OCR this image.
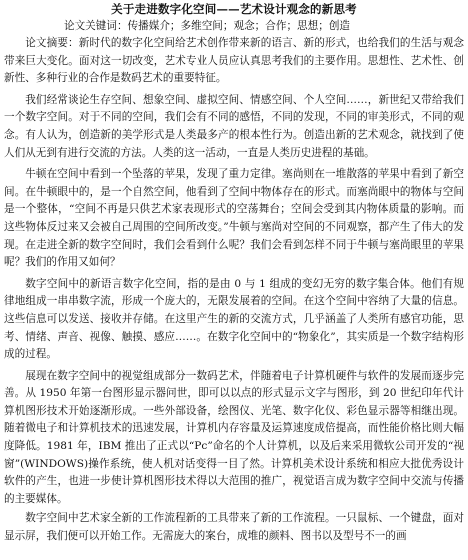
关于走进数字化空间——艺术设计观念的新思考
论文关键词：传播媒介；多维空间；观念；合作；思想；创造

论文摘要：新时代的数字化空间给艺术创作带来新的语言、新的形式，也给我们的生活与观念带来巨大变化。面对这一切改变，艺术专业人员应认真思考我们的主要作用。思想性、艺术性、创新性、多种行业的合作是数码艺术的重要特征。

我们经常谈论生存空间、想象空间、虚拟空间、情感空间、个人空间……，新世纪又带给我们一个数字空间。对于不同的空间，我们会有不同的感悟，不同的发现，不同的审美形式，不同的观念。有人认为，创造新的美学形式是人类最多产的根本性行为。创造出新的艺术观念，就找到了使人们从无到有进行交流的方法。人类的这一活动，一直是人类历史进程的基础。

牛顿在空间中看到一个坠落的苹果，发现了重力定律。塞尚则在一堆散落的苹果中看到了新空间。在牛顿眼中的，是一个自然空间，他看到了空间中物体存在的形式。而塞尚眼中的物体与空间是一个整体，“空间不再是只供艺术家表现形式的空荡舞台；空间会受到其内物体质量的影响。而这些物体反过来又会被自己周围的空间所改变。”牛顿与塞尚对空间的不同观察，都产生了伟大的发现。在走进全新的数字空间时，我们会看到什么呢？我们会看到怎样不同于牛顿与塞尚眼里的苹果呢？我们的作用又如何？

数字空间中的新语言数字化空间，指的是由 0 与 1 组成的变幻无穷的数字集合体。他们有规律地组成一串串数字流，形成一个庞大的，无限发展着的空间。在这个空间中容纳了大量的信息。这些信息可以发送、接收并存储。在这里产生的新的交流方式，几乎涵盖了人类所有感官功能，思考、情绪、声音、视像、触摸、感应……。在数字化空间中的“物象化”，其实质是一个数字结构形成的过程。

展现在数字空间中的视觉组成部分一数码艺术，伴随着电子计算机硬件与软件的发展而逐步完善。从 1950 年第一台图形显示器问世，即可以以点的形式显示文字与图形，到 20 世纪印年代计算机图形技术开始逐渐形成。一些外部设备，绘图仪、光笔、数字化仪、彩色显示器等相继出现。随着微电子和计算机技术的迅速发展，计算机内存容量及运算速度成倍提高，而性能价格比则大幅度降低。1981 年，IBM 推出了正式以“Pc”命名的个人计算机，以及后来采用微软公司开发的“视窗”(WINDOWS)操作系统，使人机对话变得一目了然。计算机美术设计系统和相应大批优秀设计软件的产生，也进一步使计算机图形技术得以大范围的推广，视觉语言成为数字空间中交流与传播的主要媒体。

数字空间中艺术家全新的工作流程新的工具带来了新的工作流程。一只鼠标、一个键盘，面对显示屏，我们便可以开始工作。无需庞大的案台，成堆的颜料、图书以及型号不一的画
